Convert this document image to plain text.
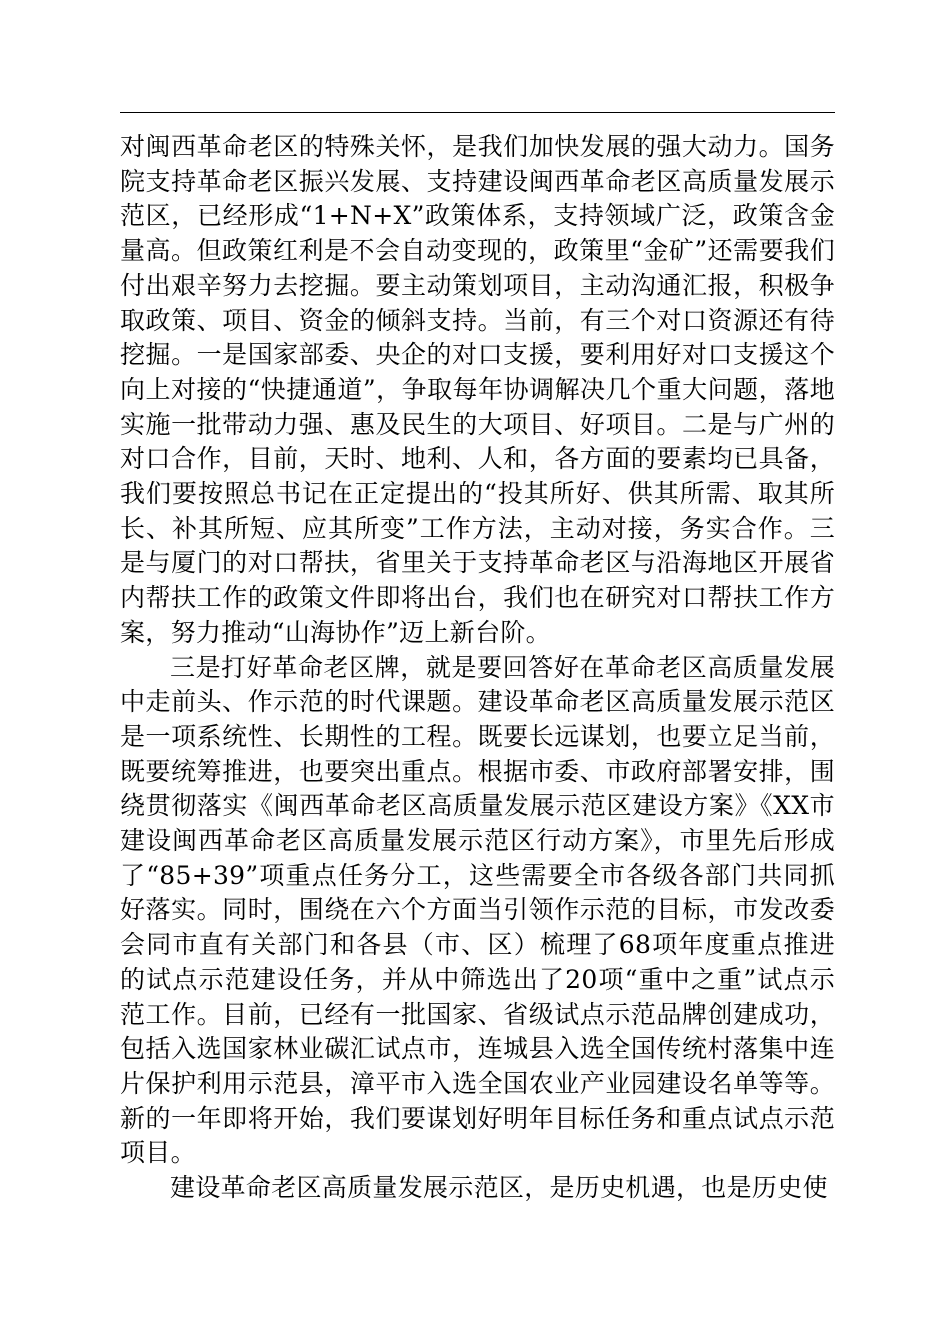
对闽西革命老区的特殊关怀，是我们加快发展的强大动力。国务院支持革命老区振兴发展、支持建设闽西革命老区高质量发展示范区，已经形成“1+N+X”政策体系，支持领域广泛，政策含金量高。但政策红利是不会自动变现的，政策里“金矿”还需要我们付出艰辛努力去挖掘。要主动策划项目，主动沟通汇报，积极争取政策、项目、资金的倾斜支持。当前，有三个对口资源还有待挖掘。一是国家部委、央企的对口支援，要利用好对口支援这个向上对接的“快捷通道”，争取每年协调解决几个重大问题，落地实施一批带动力强、惠及民生的大项目、好项目。二是与广州的对口合作，目前，天时、地利、人和，各方面的要素均已具备，我们要按照总书记在正定提出的“投其所好、供其所需、取其所长、补其所短、应其所变”工作方法，主动对接，务实合作。三是与厦门的对口帮扶，省里关于支持革命老区与沿海地区开展省内帮扶工作的政策文件即将出台，我们也在研究对口帮扶工作方案，努力推动“山海协作”迈上新台阶。

三是打好革命老区牌，就是要回答好在革命老区高质量发展中走前头、作示范的时代课题。建设革命老区高质量发展示范区是一项系统性、长期性的工程。既要长远谋划，也要立足当前，既要统筹推进，也要突出重点。根据市委、市政府部署安排，围绕贯彻落实《闽西革命老区高质量发展示范区建设方案》《XX市建设闽西革命老区高质量发展示范区行动方案》，市里先后形成了“85+39”项重点任务分工，这些需要全市各级各部门共同抓好落实。同时，围绕在六个方面当引领作示范的目标，市发改委会同市直有关部门和各县（市、区）梳理了68项年度重点推进的试点示范建设任务，并从中筛选出了20项“重中之重”试点示范工作。目前，已经有一批国家、省级试点示范品牌创建成功，包括入选国家林业碳汇试点市，连城县入选全国传统村落集中连片保护利用示范县，漳平市入选全国农业产业园建设名单等等。新的一年即将开始，我们要谋划好明年目标任务和重点试点示范项目。

建设革命老区高质量发展示范区，是历史机遇，也是历史使
